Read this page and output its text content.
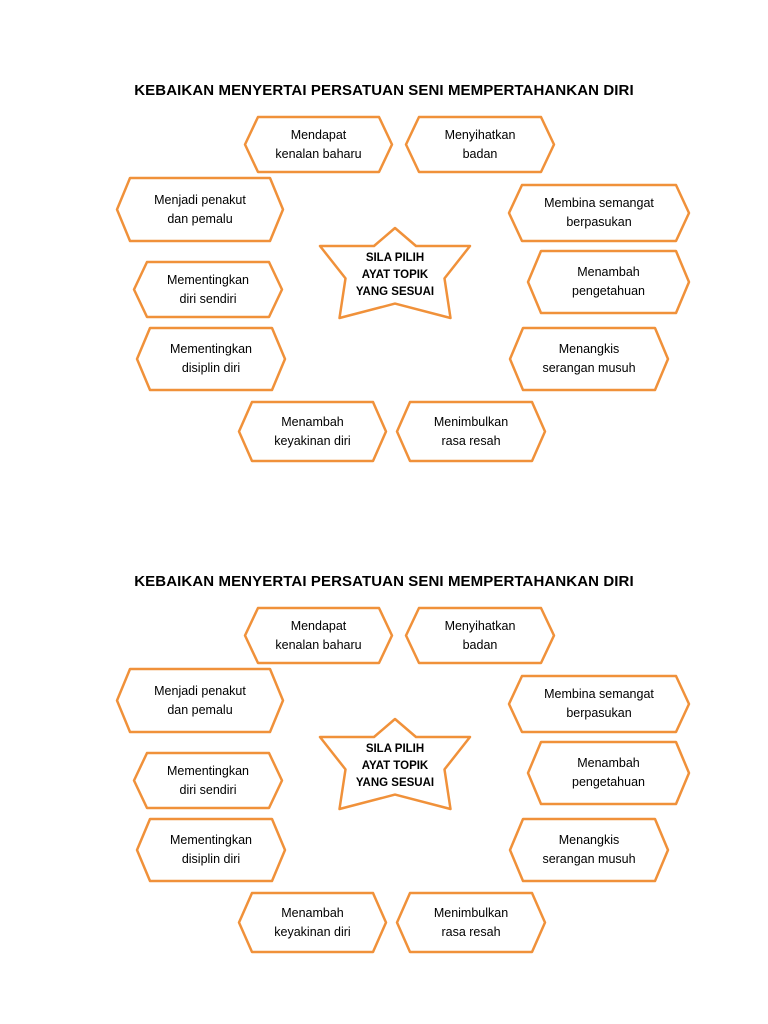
KEBAIKAN MENYERTAI PERSATUAN SENI MEMPERTAHANKAN DIRI
Mendapat
kenalan baharu
Menyihatkan
badan
Menjadi penakut
dan pemalu
Membina semangat
berpasukan
Mementingkan
diri sendiri
Menambah
pengetahuan
Mementingkan
disiplin diri
Menangkis
serangan musuh
Menambah
keyakinan diri
Menimbulkan
rasa resah
SILA PILIH
AYAT TOPIK
YANG SESUAI
KEBAIKAN MENYERTAI PERSATUAN SENI MEMPERTAHANKAN DIRI
Mendapat
kenalan baharu
Menyihatkan
badan
Menjadi penakut
dan pemalu
Membina semangat
berpasukan
Mementingkan
diri sendiri
Menambah
pengetahuan
Mementingkan
disiplin diri
Menangkis
serangan musuh
Menambah
keyakinan diri
Menimbulkan
rasa resah
SILA PILIH
AYAT TOPIK
YANG SESUAI
